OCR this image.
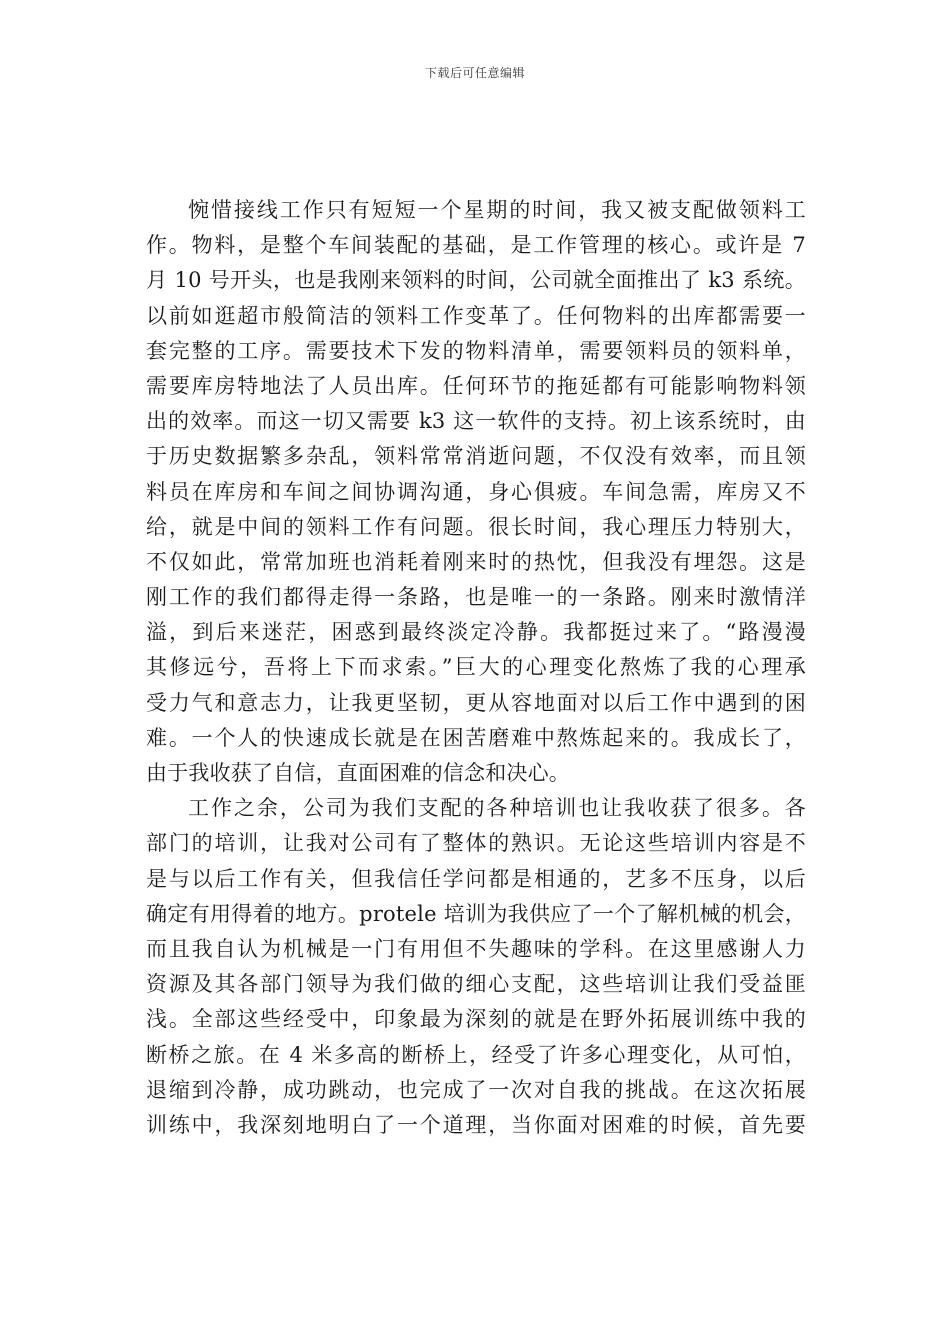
下载后可任意编辑
惋惜接线工作只有短短一个星期的时间，我又被支配做领料工
作。物料，是整个车间装配的基础，是工作管理的核心。或许是 7
月 10 号开头，也是我刚来领料的时间，公司就全面推出了 k3 系统。
以前如逛超市般简洁的领料工作变革了。任何物料的出库都需要一
套完整的工序。需要技术下发的物料清单，需要领料员的领料单，
需要库房特地法了人员出库。任何环节的拖延都有可能影响物料领
出的效率。而这一切又需要 k3 这一软件的支持。初上该系统时，由
于历史数据繁多杂乱，领料常常消逝问题，不仅没有效率，而且领
料员在库房和车间之间协调沟通，身心俱疲。车间急需，库房又不
给，就是中间的领料工作有问题。很长时间，我心理压力特别大，
不仅如此，常常加班也消耗着刚来时的热忱，但我没有埋怨。这是
刚工作的我们都得走得一条路，也是唯一的一条路。刚来时激情洋
溢，到后来迷茫，困惑到最终淡定冷静。我都挺过来了。“路漫漫
其修远兮，吾将上下而求索。”巨大的心理变化熬炼了我的心理承
受力气和意志力，让我更坚韧，更从容地面对以后工作中遇到的困
难。一个人的快速成长就是在困苦磨难中熬炼起来的。我成长了，
由于我收获了自信，直面困难的信念和决心。
工作之余，公司为我们支配的各种培训也让我收获了很多。各
部门的培训，让我对公司有了整体的熟识。无论这些培训内容是不
是与以后工作有关，但我信任学问都是相通的，艺多不压身，以后
确定有用得着的地方。protele 培训为我供应了一个了解机械的机会，
而且我自认为机械是一门有用但不失趣味的学科。在这里感谢人力
资源及其各部门领导为我们做的细心支配，这些培训让我们受益匪
浅。全部这些经受中，印象最为深刻的就是在野外拓展训练中我的
断桥之旅。在 4 米多高的断桥上，经受了许多心理变化，从可怕，
退缩到冷静，成功跳动，也完成了一次对自我的挑战。在这次拓展
训练中，我深刻地明白了一个道理，当你面对困难的时候，首先要
